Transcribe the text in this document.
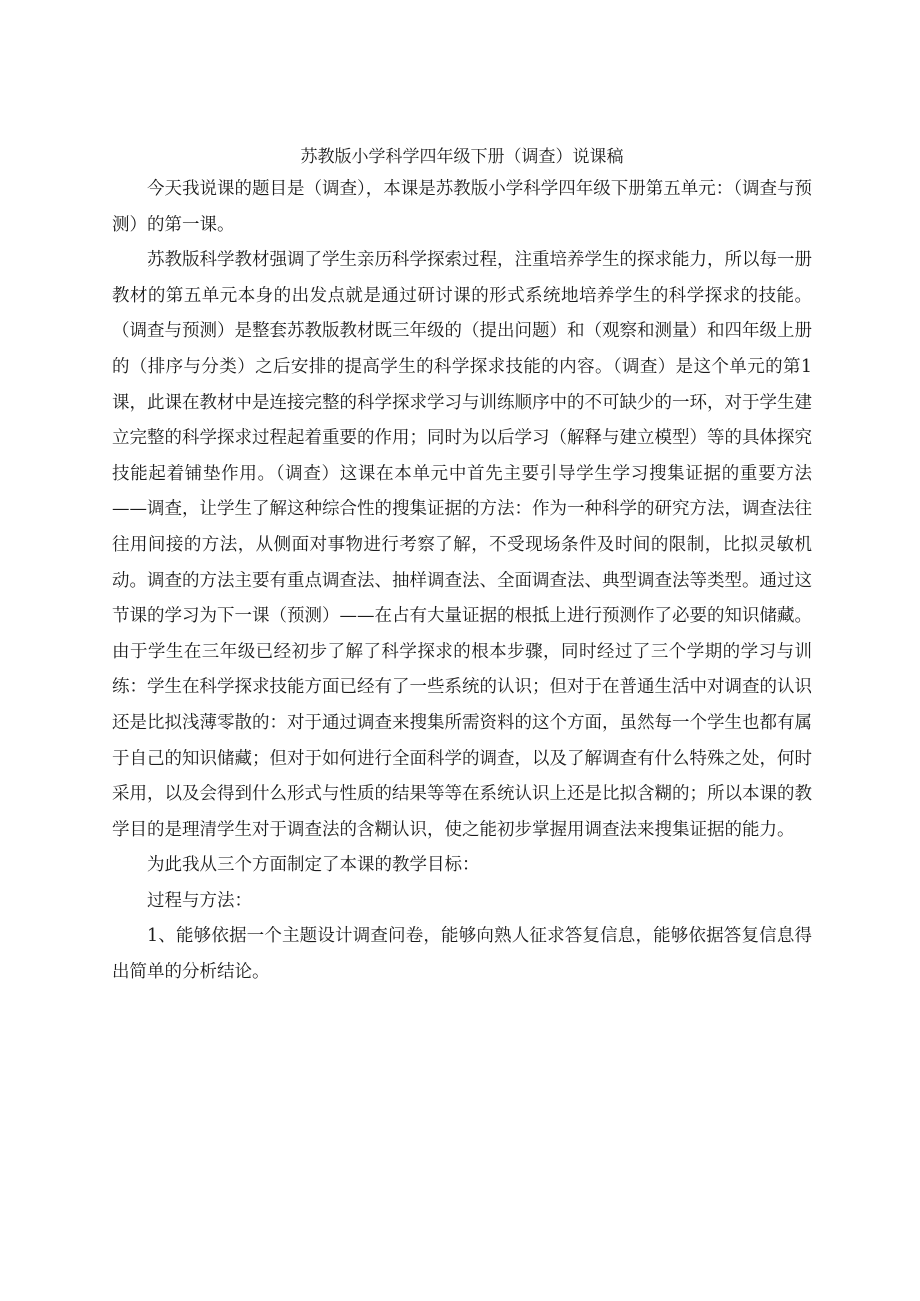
苏教版小学科学四年级下册（调查）说课稿

今天我说课的题目是（调查），本课是苏教版小学科学四年级下册第五单元：（调查与预测）的第一课。

苏教版科学教材强调了学生亲历科学探索过程，注重培养学生的探求能力，所以每一册教材的第五单元本身的出发点就是通过研讨课的形式系统地培养学生的科学探求的技能。（调查与预测）是整套苏教版教材既三年级的（提出问题）和（观察和测量）和四年级上册的（排序与分类）之后安排的提高学生的科学探求技能的内容。（调查）是这个单元的第1课，此课在教材中是连接完整的科学探求学习与训练顺序中的不可缺少的一环，对于学生建立完整的科学探求过程起着重要的作用；同时为以后学习（解释与建立模型）等的具体探究技能起着铺垫作用。（调查）这课在本单元中首先主要引导学生学习搜集证据的重要方法——调查，让学生了解这种综合性的搜集证据的方法：作为一种科学的研究方法，调查法往往用间接的方法，从侧面对事物进行考察了解，不受现场条件及时间的限制，比拟灵敏机动。调查的方法主要有重点调查法、抽样调查法、全面调查法、典型调查法等类型。通过这节课的学习为下一课（预测）——在占有大量证据的根抵上进行预测作了必要的知识储藏。由于学生在三年级已经初步了解了科学探求的根本步骤，同时经过了三个学期的学习与训练：学生在科学探求技能方面已经有了一些系统的认识；但对于在普通生活中对调查的认识还是比拟浅薄零散的：对于通过调查来搜集所需资料的这个方面，虽然每一个学生也都有属于自己的知识储藏；但对于如何进行全面科学的调查，以及了解调查有什么特殊之处，何时采用，以及会得到什么形式与性质的结果等等在系统认识上还是比拟含糊的；所以本课的教学目的是理清学生对于调查法的含糊认识，使之能初步掌握用调查法来搜集证据的能力。

为此我从三个方面制定了本课的教学目标：

过程与方法：

1、能够依据一个主题设计调查问卷，能够向熟人征求答复信息，能够依据答复信息得出简单的分析结论。
